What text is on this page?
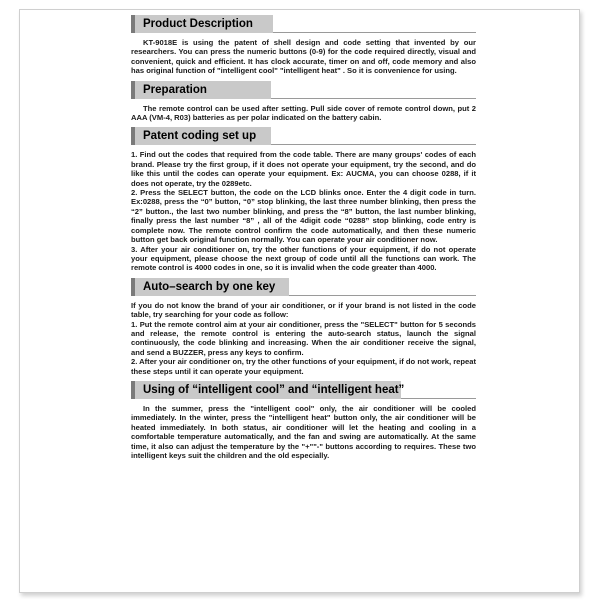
Product Description

KT-9018E is using the patent of shell design and code setting that invented by our researchers. You can press the numeric buttons (0-9) for the code required directly, visual and convenient, quick and efficient. It has clock accurate, timer on and off, code memory and also has original function of "intelligent cool" "intelligent heat" . So it is convenience for using.

Preparation

The remote control can be used after setting. Pull side cover of remote control down, put 2 AAA (VM-4, R03) batteries as per polar indicated on the battery cabin.

Patent coding set up

1. Find out the codes that required from the code table. There are many groups' codes of each brand. Please try the first group, if it does not operate your equipment, try the second, and do like this until the codes can operate your equipment. Ex: AUCMA, you can choose 0288, if it does not operate, try the 0289etc.

2. Press the SELECT button, the code on the LCD blinks once. Enter the 4 digit code in turn. Ex:0288, press the “0” button, “0” stop blinking, the last three number blinking, then press the “2” button., the last two number blinking, and press the “8” button, the last number blinking, finally press the last number “8” , all of the 4digit code “0288” stop blinking, code entry is complete now. The remote control confirm the code automatically, and then these numeric button get back original function normally. You can operate your air conditioner now.

3. After your air conditioner on, try the other functions of your equipment, if do not operate your equipment, please choose the next group of code until all the functions can work. The remote control is 4000 codes in one, so it is invalid when the code greater than 4000.

Auto–search by one key

If you do not know the brand of your air conditioner, or if your brand is not listed in the code table, try searching for your code as follow:

1. Put the remote control aim at your air conditioner, press the "SELECT" button for 5 seconds and release, the remote control is entering the auto-search status, launch the signal continuously, the code blinking and increasing. When the air conditioner receive the signal, and send a BUZZER, press any keys to confirm.

2. After your air conditioner on, try the other functions of your equipment, if do not work, repeat these steps until it can operate your equipment.

Using of “intelligent cool” and “intelligent heat”

In the summer, press the "intelligent cool" only, the air conditioner will be cooled immediately. In the winter, press the "intelligent heat" button only, the air conditioner will be heated immediately. In both status, air conditioner will let the heating and cooling in a comfortable temperature automatically, and the fan and swing are automatically. At the same time, it also can adjust the temperature by the "+""-" buttons according to requires. These two intelligent keys suit the children and the old especially.
